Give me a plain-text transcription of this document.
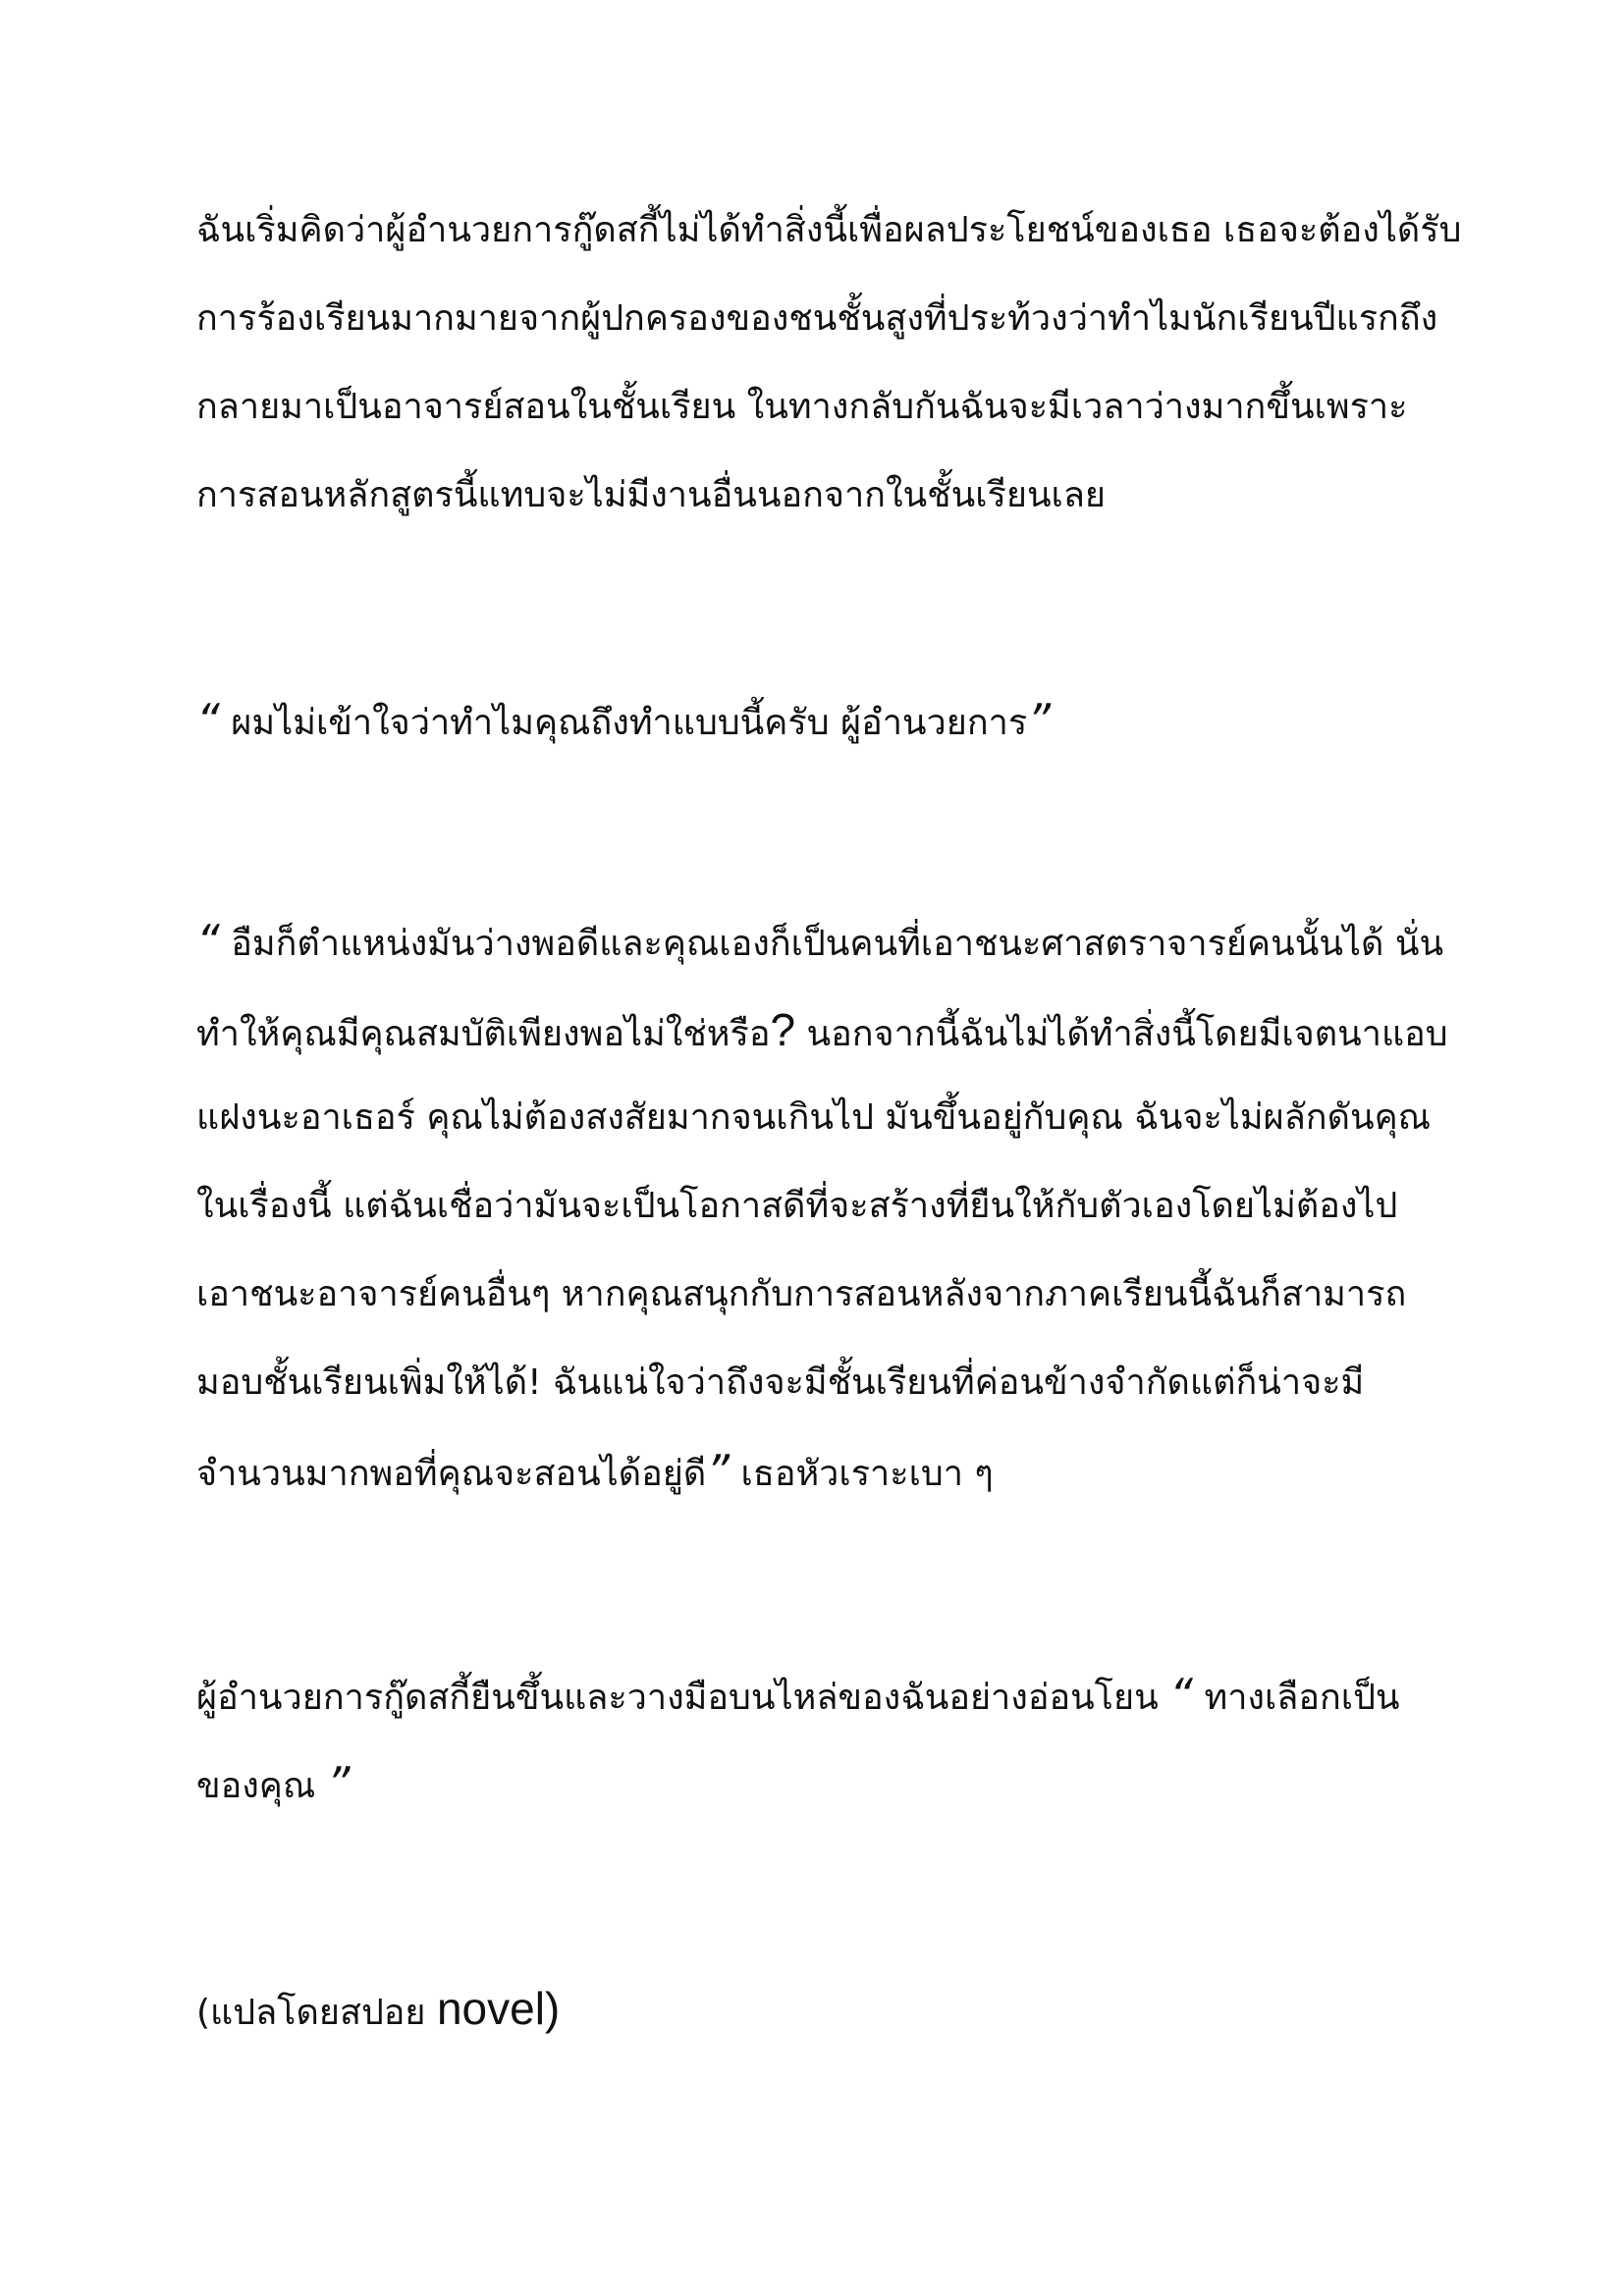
ฉันเริ่มคิดว่าผู้อำนวยการกู๊ดสกี้ไม่ได้ทำสิ่งนี้เพื่อผลประโยชน์ของเธอ เธอจะต้องได้รับ

การร้องเรียนมากมายจากผู้ปกครองของชนชั้นสูงที่ประท้วงว่าทำไมนักเรียนปีแรกถึง

กลายมาเป็นอาจารย์สอนในชั้นเรียน ในทางกลับกันฉันจะมีเวลาว่างมากขึ้นเพราะ

การสอนหลักสูตรนี้แทบจะไม่มีงานอื่นนอกจากในชั้นเรียนเลย

“ ผมไม่เข้าใจว่าทำไมคุณถึงทำแบบนี้ครับ ผู้อำนวยการ”

“ อืมก็ตำแหน่งมันว่างพอดีและคุณเองก็เป็นคนที่เอาชนะศาสตราจารย์คนนั้นได้ นั่น

ทำให้คุณมีคุณสมบัติเพียงพอไม่ใช่หรือ? นอกจากนี้ฉันไม่ได้ทำสิ่งนี้โดยมีเจตนาแอบ

แฝงนะอาเธอร์ คุณไม่ต้องสงสัยมากจนเกินไป มันขึ้นอยู่กับคุณ ฉันจะไม่ผลักดันคุณ

ในเรื่องนี้ แต่ฉันเชื่อว่ามันจะเป็นโอกาสดีที่จะสร้างที่ยืนให้กับตัวเองโดยไม่ต้องไป

เอาชนะอาจารย์คนอื่นๆ หากคุณสนุกกับการสอนหลังจากภาคเรียนนี้ฉันก็สามารถ

มอบชั้นเรียนเพิ่มให้ได้! ฉันแน่ใจว่าถึงจะมีชั้นเรียนที่ค่อนข้างจำกัดแต่ก็น่าจะมี

จำนวนมากพอที่คุณจะสอนได้อยู่ดี” เธอหัวเราะเบา ๆ

ผู้อำนวยการกู๊ดสกี้ยืนขึ้นและวางมือบนไหล่ของฉันอย่างอ่อนโยน “ ทางเลือกเป็น

ของคุณ ”

(แปลโดยสปอย novel)
